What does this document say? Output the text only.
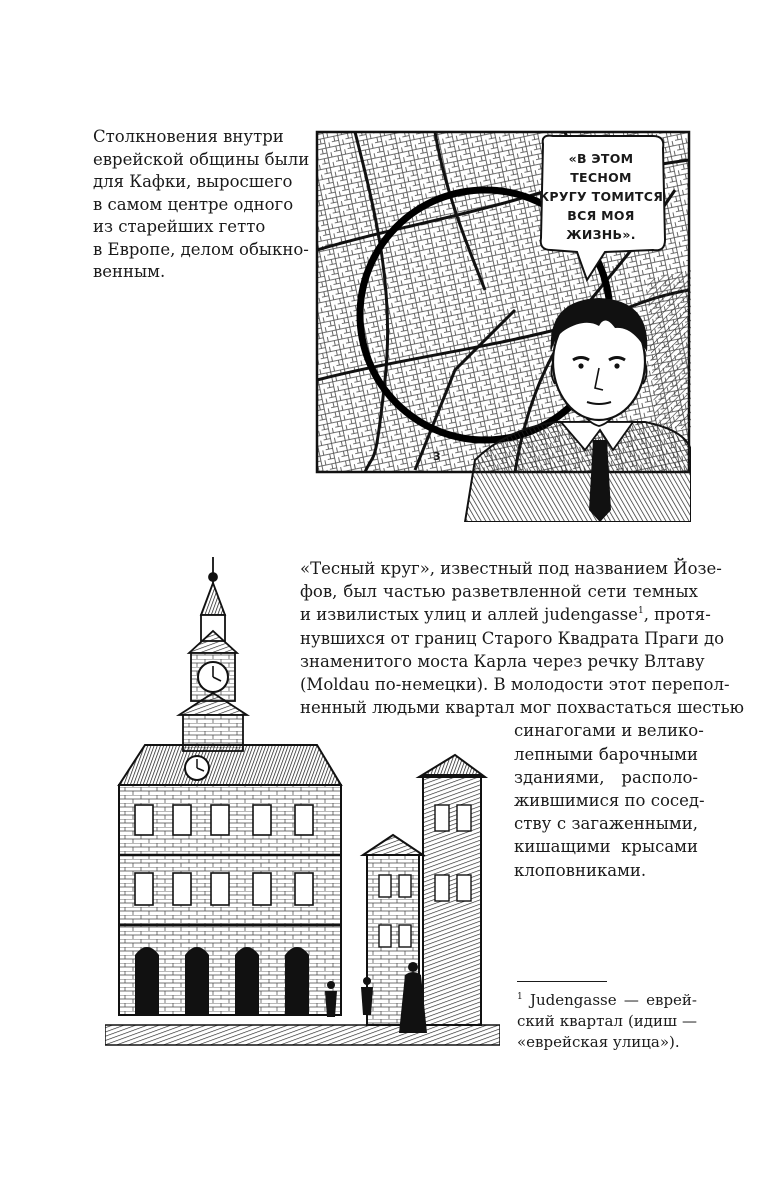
Столкновения внутри
еврейской общины были
для Кафки, выросшего
в самом центре одного
из старейших гетто
в Европе, делом обыкно-
венным.

3
«В ЭТОМ
ТЕСНОМ
КРУГУ ТОМИТСЯ
ВСЯ МОЯ
ЖИЗНЬ».

«Тесный круг», известный под названием Йозе-
фов, был частью разветвленной сети темных
и извилистых улиц и аллей judengasse$^1$, протя-
нувшихся от границ Старого Квадрата Праги до
знаменитого моста Карла через речку Влтаву
(Moldau по-немецки). В молодости этот перепол-
ненный людьми квартал мог похвастаться шестью
синагогами и велико-
лепными барочными
зданиями, располо-
жившимися по сосед-
ству с загаженными,
кишащими крысами
клоповниками.

$^1$ Judengasse — еврей-
ский квартал (идиш —
«еврейская улица»).
